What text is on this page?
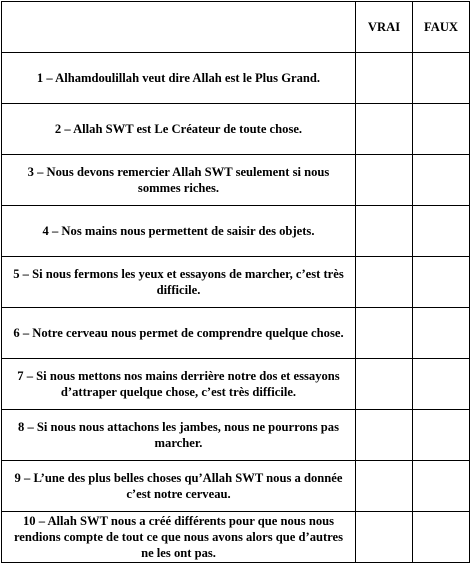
	VRAI	FAUX
1 – Alhamdoulillah veut dire Allah est le Plus Grand.		
2 – Allah SWT est Le Créateur de toute chose.		
3 – Nous devons remercier Allah SWT seulement si nous sommes riches.		
4 – Nos mains nous permettent de saisir des objets.		
5 – Si nous fermons les yeux et essayons de marcher, c’est très difficile.		
6 – Notre cerveau nous permet de comprendre quelque chose.		
7 – Si nous mettons nos mains derrière notre dos et essayons d’attraper quelque chose, c’est très difficile.		
8 – Si nous nous attachons les jambes, nous ne pourrons pas marcher.		
9 – L’une des plus belles choses qu’Allah SWT nous a donnée c’est notre cerveau.		
10 – Allah SWT nous a créé différents pour que nous nous rendions compte de tout ce que nous avons alors que d’autres ne les ont pas.		
